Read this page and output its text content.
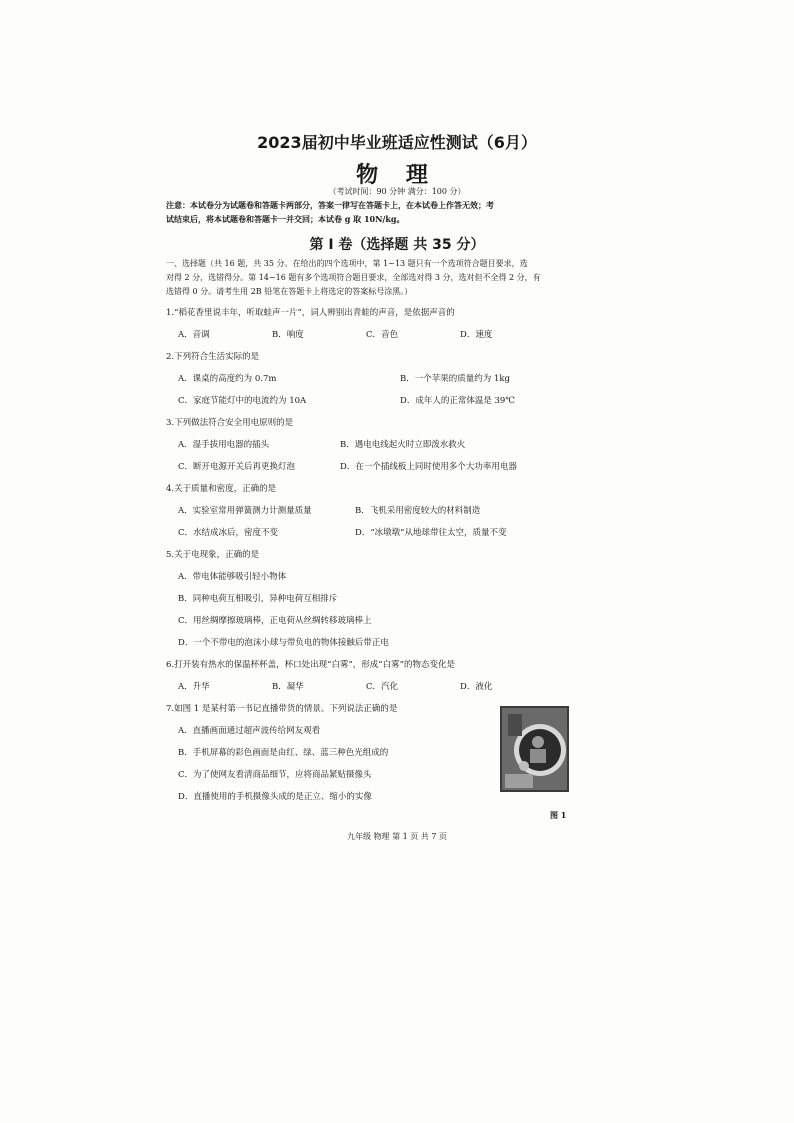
2023届初中毕业班适应性测试（6月）
物 理
（考试时间：90 分钟 满分：100 分）
注意：本试卷分为试题卷和答题卡两部分，答案一律写在答题卡上，在本试卷上作答无效；考
试结束后，将本试题卷和答题卡一并交回；本试卷 g 取 10N/kg。
第 I 卷（选择题 共 35 分）
一、选择题（共 16 题，共 35 分。在给出的四个选项中，第 1~13 题只有一个选项符合题目要求，选
对得 2 分，选错得分。第 14~16 题有多个选项符合题目要求，全部选对得 3 分，选对但不全得 2 分，有
选错得 0 分。请考生用 2B 铅笔在答题卡上将选定的答案标号涂黑。）
1.“稻花香里说丰年，听取蛙声一片”，词人辨别出青蛙的声音，是依据声音的
A．音调	B．响度	C．音色	D．速度
2.下列符合生活实际的是
A．课桌的高度约为 0.7m	B．一个苹果的质量约为 1kg
C．家庭节能灯中的电流约为 10A	D．成年人的正常体温是 39℃
3.下列做法符合安全用电原则的是
A．湿手拔用电器的插头	B．遇电电线起火时立即泼水救火
C．断开电源开关后再更换灯泡	D．在一个插线板上同时使用多个大功率用电器
4.关于质量和密度，正确的是
A．实验室常用弹簧测力计测量质量	B．飞机采用密度较大的材料制造
C．水结成冰后，密度不变	D．“冰墩墩”从地球带往太空，质量不变
5.关于电现象，正确的是
A．带电体能够吸引轻小物体
B．同种电荷互相吸引，异种电荷互相排斥
C．用丝绸摩擦玻璃棒，正电荷从丝绸转移玻璃棒上
D．一个不带电的泡沫小球与带负电的物体接触后带正电
6.打开装有热水的保温杯杯盖，杯口处出现“白雾”，形成“白雾”的物态变化是
A．升华	B．凝华	C．汽化	D．液化
7.如图 1 是某村第一书记直播带货的情景。下列说法正确的是
A．直播画面通过超声波传给网友观看
B．手机屏幕的彩色画面是由红、绿、蓝三种色光组成的
C．为了使网友看清商品细节，应将商品紧贴摄像头
D．直播使用的手机摄像头成的是正立、缩小的实像
图 1
九年级 物理 第 1 页 共 7 页
